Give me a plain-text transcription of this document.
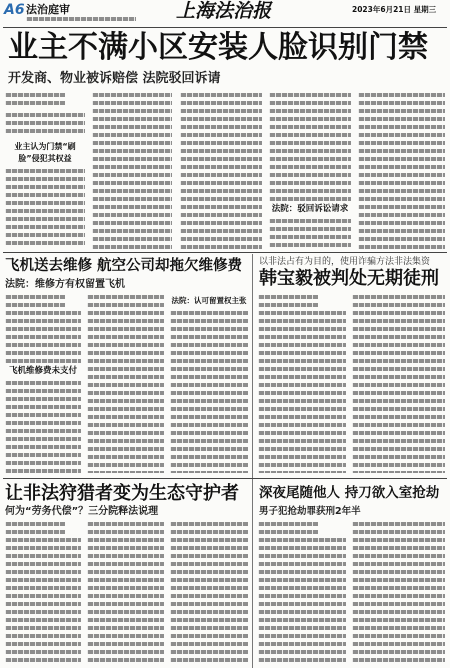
A6 法治庭审	上海法治报	2023年6月21日 星期三
业主不满小区安装人脸识别门禁
开发商、物业被诉赔偿 法院驳回诉请
业主认为门禁“刷脸”侵犯其权益
法院：驳回诉讼请求
飞机送去维修 航空公司却拖欠维修费
法院：维修方有权留置飞机
飞机维修费未支付
法院：认可留置权主张
以非法占有为目的，使用诈骗方法非法集资
韩宝毅被判处无期徒刑
让非法狩猎者变为生态守护者
何为“劳务代偿”？三分院释法说理
深夜尾随他人 持刀欲入室抢劫
男子犯抢劫罪获刑2年半
